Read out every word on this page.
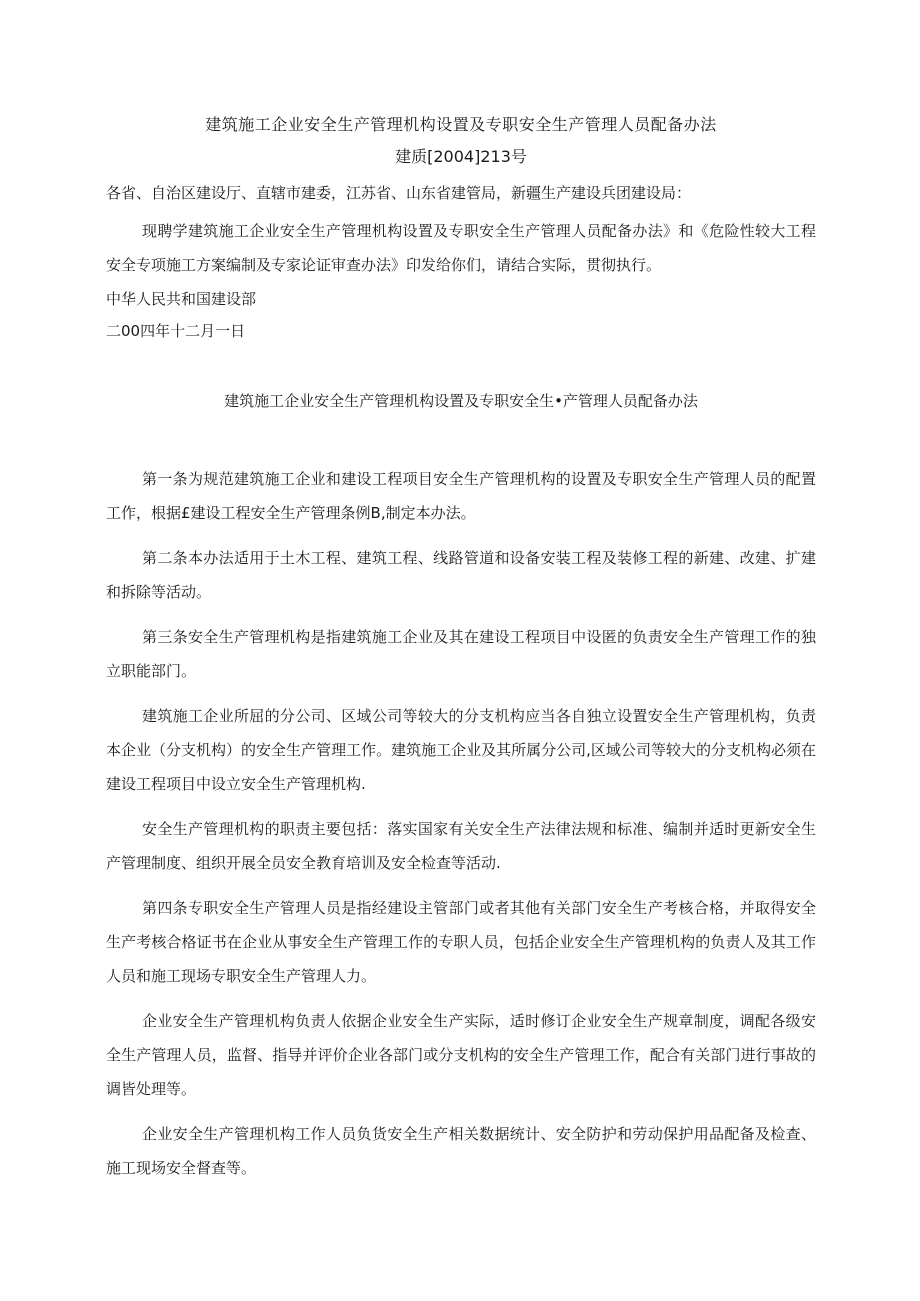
建筑施工企业安全生产管理机构设置及专职安全生产管理人员配备办法

建质[2004]213号

各省、自治区建设厅、直辖市建委，江苏省、山东省建管局，新疆生产建设兵团建设局：

现聘学建筑施工企业安全生产管理机构设置及专职安全生产管理人员配备办法》和《危险性较大工程安全专项施工方案编制及专家论证审查办法》印发给你们，请结合实际，贯彻执行。

中华人民共和国建设部

二00四年十二月一日

建筑施工企业安全生产管理机构设置及专职安全生•产管理人员配备办法

第一条为规范建筑施工企业和建设工程项目安全生产管理机构的设置及专职安全生产管理人员的配置工作，根据£建设工程安全生产管理条例B,制定本办法。

第二条本办法适用于土木工程、建筑工程、线路管道和设备安装工程及装修工程的新建、改建、扩建和拆除等活动。

第三条安全生产管理机构是指建筑施工企业及其在建设工程项目中设匿的负责安全生产管理工作的独立职能部门。

建筑施工企业所屈的分公司、区域公司等较大的分支机构应当各自独立设置安全生产管理机构，负责本企业（分支机构）的安全生产管理工作。建筑施工企业及其所属分公司,区域公司等较大的分支机构必须在建设工程项目中设立安全生产管理机构.

安全生产管理机构的职责主要包括：落实国家有关安全生产法律法规和标准、编制并适时更新安全生产管理制度、组织开展全员安全教育培训及安全检查等活动.

第四条专职安全生产管理人员是指经建设主管部门或者其他有关部门安全生产考核合格，并取得安全生产考核合格证书在企业从事安全生产管理工作的专职人员，包括企业安全生产管理机构的负责人及其工作人员和施工现场专职安全生产管理人力。

企业安全生产管理机构负责人依据企业安全生产实际，适时修订企业安全生产规章制度，调配各级安全生产管理人员，监督、指导并评价企业各部门或分支机构的安全生产管理工作，配合有关部门进行事故的调皆处理等。

企业安全生产管理机构工作人员负货安全生产相关数据统计、安全防护和劳动保护用品配备及检查、施工现场安全督查等。
